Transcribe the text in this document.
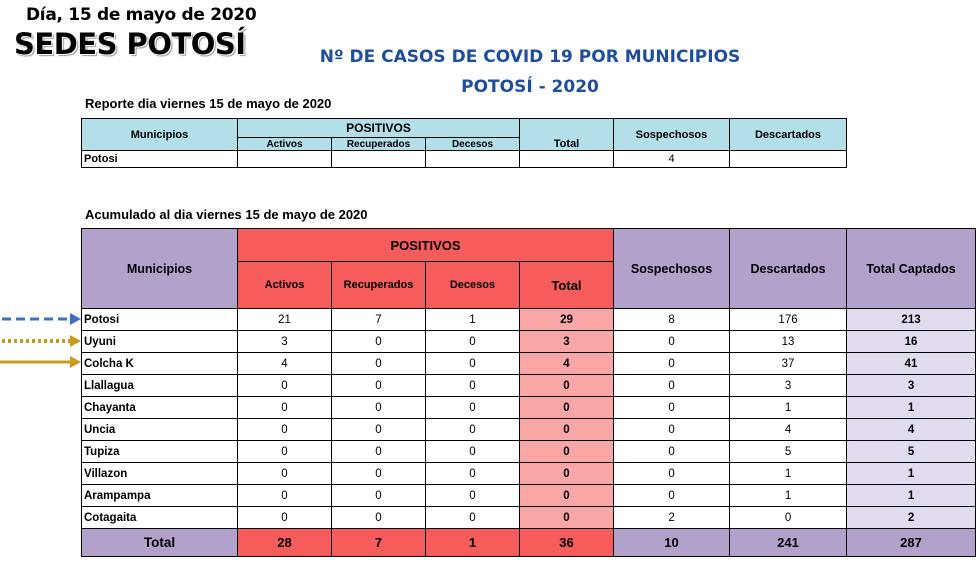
Día, 15 de mayo de 2020
SEDES POTOSÍ	Nº DE CASOS DE COVID 19 POR MUNICIPIOS
POTOSÍ - 2020
Reporte dia viernes 15 de mayo de 2020
Municipios	POSITIVOS			Total	Sospechosos	Descartados
	Activos	Recuperados	Decesos			
Potosi					4	
Acumulado al dia viernes 15 de mayo de 2020
Municipios	POSITIVOS				Sospechosos	Descartados	Total Captados
	Activos	Recuperados	Decesos	Total			
Potosi	21	7	1	29	8	176	213
Uyuni	3	0	0	3	0	13	16
Colcha K	4	0	0	4	0	37	41
Llallagua	0	0	0	0	0	3	3
Chayanta	0	0	0	0	0	1	1
Uncia	0	0	0	0	0	4	4
Tupiza	0	0	0	0	0	5	5
Villazon	0	0	0	0	0	1	1
Arampampa	0	0	0	0	0	1	1
Cotagaita	0	0	0	0	2	0	2
Total	28	7	1	36	10	241	287
